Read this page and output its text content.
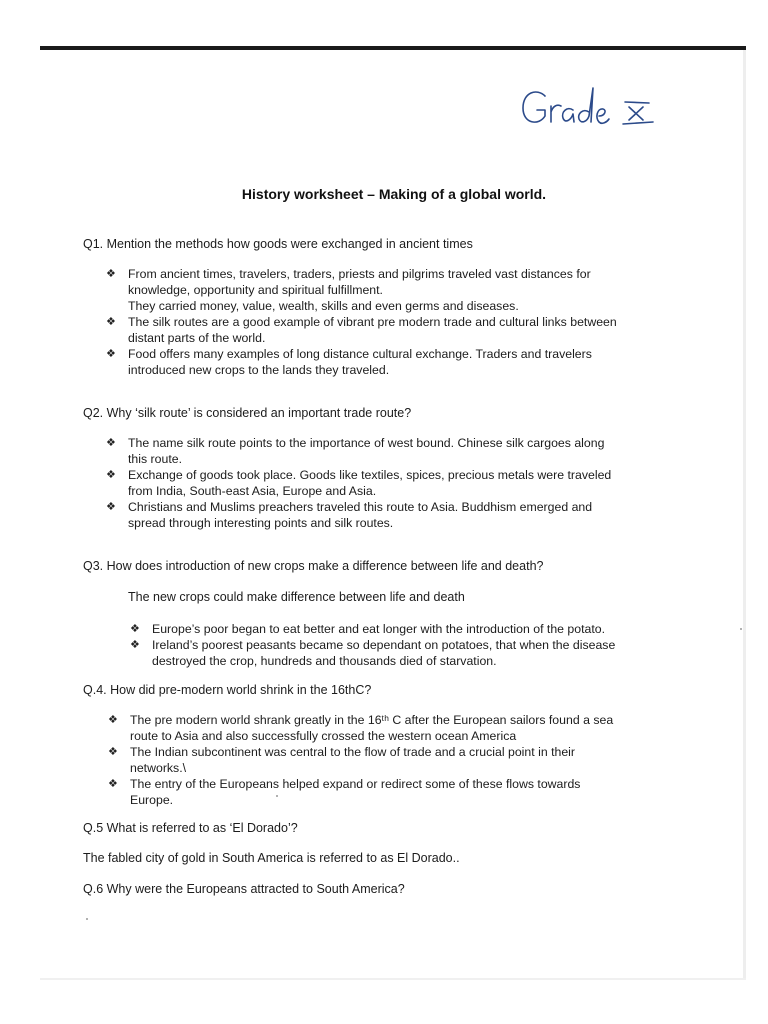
History worksheet – Making of a global world.
Q1. Mention the methods how goods were exchanged in ancient times
❖ From ancient times, travelers, traders, priests and pilgrims traveled vast distances for
knowledge, opportunity and spiritual fulfillment.
They carried money, value, wealth, skills and even germs and diseases.
❖ The silk routes are a good example of vibrant pre modern trade and cultural links between
distant parts of the world.
❖ Food offers many examples of long distance cultural exchange. Traders and travelers
introduced new crops to the lands they traveled.
Q2. Why ‘silk route’ is considered an important trade route?
❖ The name silk route points to the importance of west bound. Chinese silk cargoes along
this route.
❖ Exchange of goods took place. Goods like textiles, spices, precious metals were traveled
from India, South-east Asia, Europe and Asia.
❖ Christians and Muslims preachers traveled this route to Asia. Buddhism emerged and
spread through interesting points and silk routes.
Q3. How does introduction of new crops make a difference between life and death?
The new crops could make difference between life and death
❖ Europe’s poor began to eat better and eat longer with the introduction of the potato.
❖ Ireland’s poorest peasants became so dependant on potatoes, that when the disease
destroyed the crop, hundreds and thousands died of starvation.
Q.4. How did pre-modern world shrink in the 16thC?
❖ The pre modern world shrank greatly in the 16ᵗʰ C after the European sailors found a sea
route to Asia and also successfully crossed the western ocean America
❖ The Indian subcontinent was central to the flow of trade and a crucial point in their
networks.\
❖ The entry of the Europeans helped expand or redirect some of these flows towards
Europe.
Q.5 What is referred to as ‘El Dorado’?
The fabled city of gold in South America is referred to as El Dorado..
Q.6 Why were the Europeans attracted to South America?
